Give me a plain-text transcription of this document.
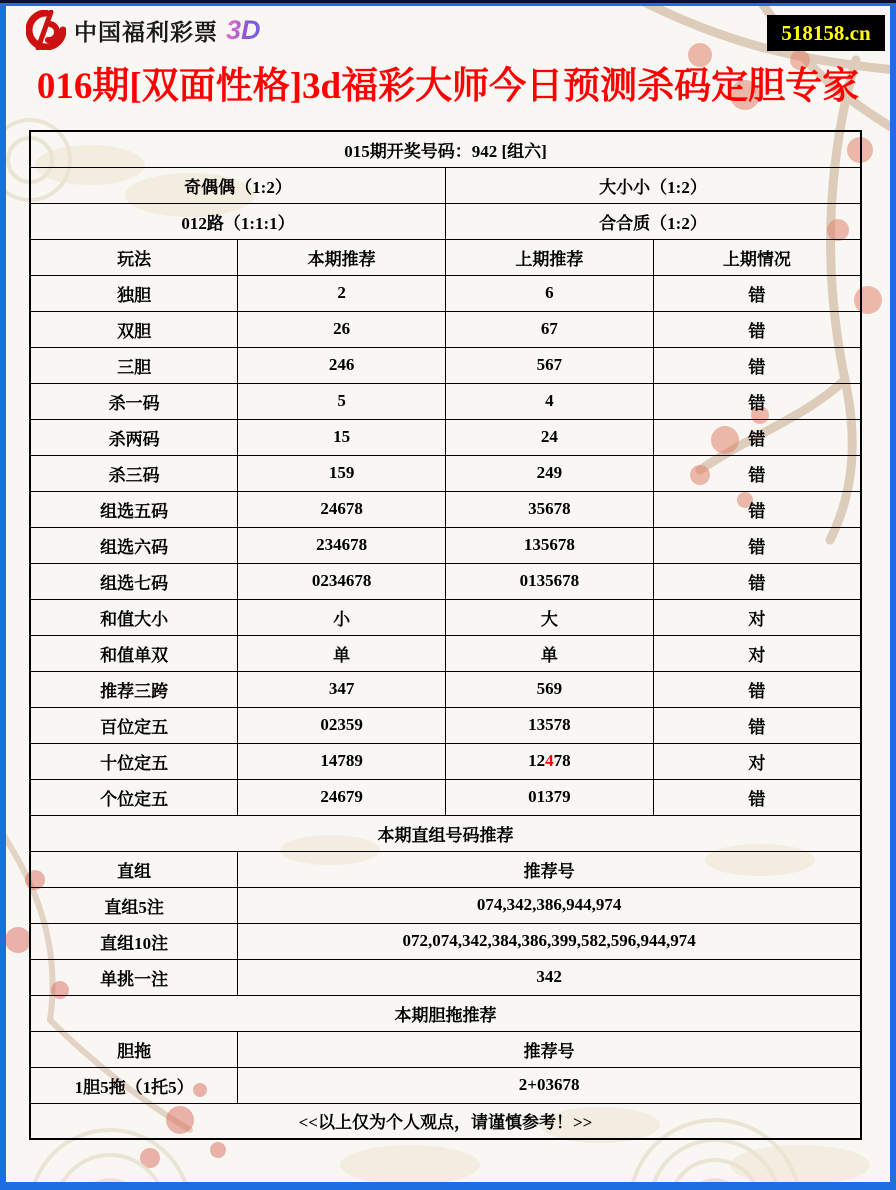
中国福利彩票 3D	518158.cn
016期[双面性格]3d福彩大师今日预测杀码定胆专家
015期开奖号码：942 [组六]			
奇偶偶（1:2）		大小小（1:2）	
012路（1:1:1）		合合质（1:2）	
玩法	本期推荐	上期推荐	上期情况
独胆	2	6	错
双胆	26	67	错
三胆	246	567	错
杀一码	5	4	错
杀两码	15	24	错
杀三码	159	249	错
组选五码	24678	35678	错
组选六码	234678	135678	错
组选七码	0234678	0135678	错
和值大小	小	大	对
和值单双	单	单	对
推荐三跨	347	569	错
百位定五	02359	13578	错
十位定五	14789	12478	对
个位定五	24679	01379	错
本期直组号码推荐			
直组	推荐号		
直组5注	074,342,386,944,974		
直组10注	072,074,342,384,386,399,582,596,944,974		
单挑一注	342		
本期胆拖推荐			
胆拖	推荐号		
1胆5拖（1托5）	2+03678		
<<以上仅为个人观点，请谨慎参考！>>			
